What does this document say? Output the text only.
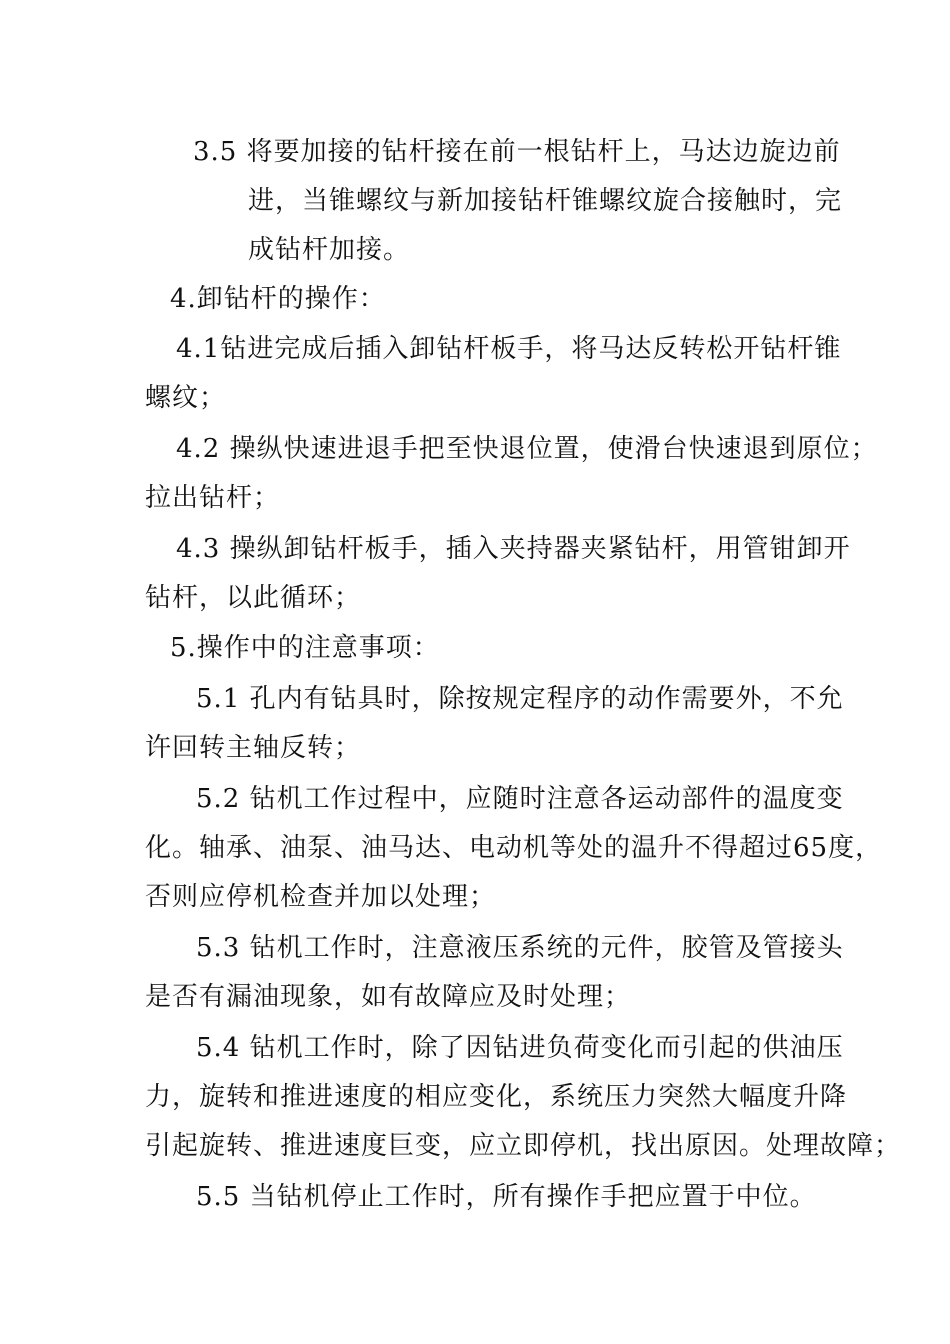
3.5 将要加接的钻杆接在前一根钻杆上，马达边旋边前
进，当锥螺纹与新加接钻杆锥螺纹旋合接触时，完
成钻杆加接。
4.卸钻杆的操作：
4.1钻进完成后插入卸钻杆板手，将马达反转松开钻杆锥
螺纹；
4.2 操纵快速进退手把至快退位置，使滑台快速退到原位；
拉出钻杆；
4.3 操纵卸钻杆板手，插入夹持器夹紧钻杆，用管钳卸开
钻杆，以此循环；
5.操作中的注意事项：
5.1 孔内有钻具时，除按规定程序的动作需要外，不允
许回转主轴反转；
5.2 钻机工作过程中，应随时注意各运动部件的温度变
化。轴承、油泵、油马达、电动机等处的温升不得超过65度，
否则应停机检查并加以处理；
5.3 钻机工作时，注意液压系统的元件，胶管及管接头
是否有漏油现象，如有故障应及时处理；
5.4 钻机工作时，除了因钻进负荷变化而引起的供油压
力，旋转和推进速度的相应变化，系统压力突然大幅度升降
引起旋转、推进速度巨变，应立即停机，找出原因。处理故障；
5.5 当钻机停止工作时，所有操作手把应置于中位。
